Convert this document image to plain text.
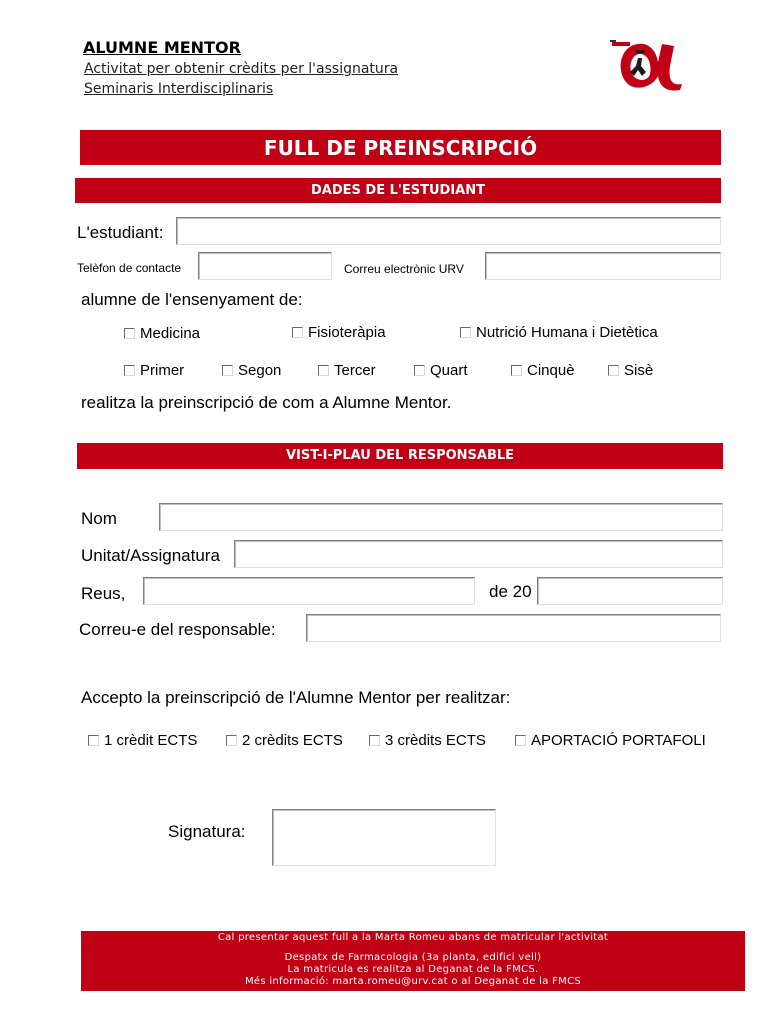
ALUMNE MENTOR
Activitat per obtenir crèdits per l'assignatura
Seminaris Interdisciplinaris
FULL DE PREINSCRIPCIÓ
DADES DE L'ESTUDIANT
L'estudiant:
Telèfon de contacte	Correu electrònic URV
alumne de l'ensenyament de:
Medicina	Fisioteràpia	Nutrició Humana i Dietètica
Primer	Segon	Tercer	Quart	Cinquè	Sisè
realitza la preinscripció de com a Alumne Mentor.
VIST-I-PLAU DEL RESPONSABLE
Nom
Unitat/Assignatura
Reus,	de 20
Correu-e del responsable:
Accepto la preinscripció de l'Alumne Mentor per realitzar:
1 crèdit ECTS	2 crèdits ECTS	3 crèdits ECTS	APORTACIÓ PORTAFOLI
Signatura:
Cal presentar aquest full a la Marta Romeu abans de matricular l'activitat
Despatx de Farmacologia (3a planta, edifici vell)
La matricula es realitza al Deganat de la FMCS.
Més informació: marta.romeu@urv.cat o al Deganat de la FMCS
